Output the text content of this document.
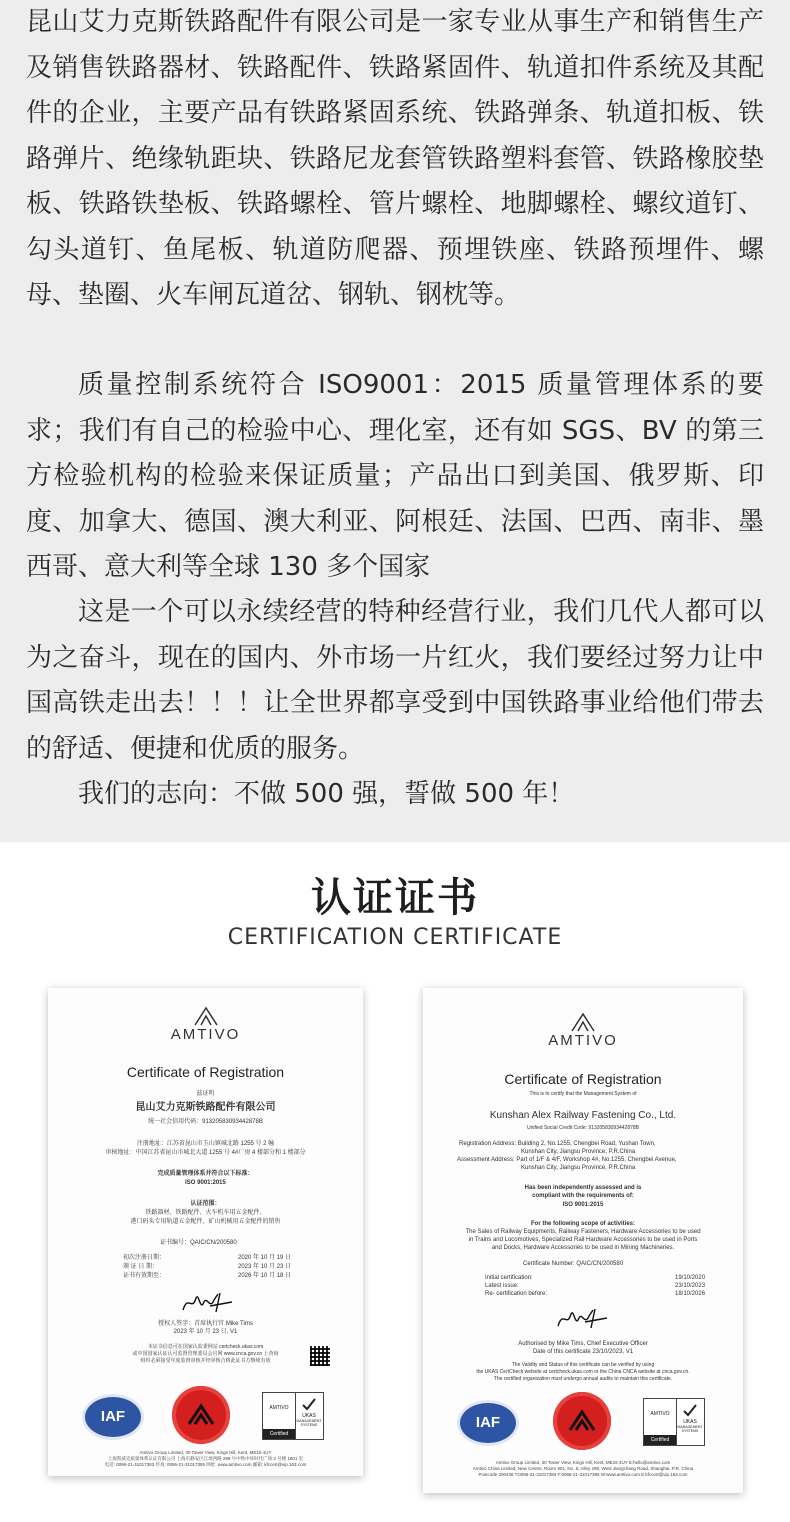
昆山艾力克斯铁路配件有限公司是一家专业从事生产和销售生产及销售铁路器材、铁路配件、铁路紧固件、轨道扣件系统及其配件的企业，主要产品有铁路紧固系统、铁路弹条、轨道扣板、铁路弹片、绝缘轨距块、铁路尼龙套管铁路塑料套管、铁路橡胶垫板、铁路铁垫板、铁路螺栓、管片螺栓、地脚螺栓、螺纹道钉、勾头道钉、鱼尾板、轨道防爬器、预埋铁座、铁路预埋件、螺母、垫圈、火车闸瓦道岔、钢轨、钢枕等。
质量控制系统符合 ISO9001：2015 质量管理体系的要求；我们有自己的检验中心、理化室，还有如 SGS、BV 的第三方检验机构的检验来保证质量；产品出口到美国、俄罗斯、印度、加拿大、德国、澳大利亚、阿根廷、法国、巴西、南非、墨西哥、意大利等全球 130 多个国家
这是一个可以永续经营的特种经营行业，我们几代人都可以为之奋斗，现在的国内、外市场一片红火，我们要经过努力让中国高铁走出去！！！让全世界都享受到中国铁路事业给他们带去的舒适、便捷和优质的服务。
我们的志向：不做 500 强，誓做 500 年！
认证证书
CERTIFICATION CERTIFICATE
AMTIVO
Certificate of Registration
兹证明
昆山艾力克斯铁路配件有限公司
统一社会信用代码：91320583093442878B
注册地址：江苏省昆山市玉山镇城北路 1255 号 2 幢
审核地址：中国江苏省昆山市城北大道 1255 号 4#厂房 4 楼部分和 1 楼部分
完成质量管理体系并符合以下标准：
ISO 9001:2015
认证范围：
铁路器材、铁路配件、火车机车用五金配件、
港口码头专用轨道五金配件、矿山机械用五金配件的销售
证书编号：QAIC/CN/200580
初次注册日期：	2020 年 10 月 19 日
颁 证 日 期：	2023 年 10 月 23 日
证书有效期至：	2026 年 10 月 18 日
授权人签字：首席执行官 Mike Tims
2023 年 10 月 23 日, V1
本证书信息可在国家认监委网站 certcheck.ukas.com
或中国国家认证认可监督管理委员会官网 www.cnca.gov.cn 上查询
组织必须接受年度监督审核并经审核合格此证书方继续有效
IAF	AMTIVO
Certified
UKAS
MANAGEMENT SYSTEMS
Amtivo Group Limited, 30 Tower View, Kings Hill, Kent, ME19 4UY
上海凯威克质量体系认证有限公司 上海市静安区江场西路 299 号中铁中环时代广场 2 号楼 1801 室
电话: 0086-21-31017383 传真: 0086-21-31017385 网址: www.amtivo.com 邮箱: kfccert@vip.163.com
AMTIVO
Certificate of Registration
This is to certify that the Management System of
Kunshan Alex Railway Fastening Co., Ltd.
Unified Social Credit Code: 91320583093442878B
Registration Address: Building 2, No.1255, Chengbei Road, Yushan Town,
Kunshan City, Jiangsu Province, P.R.China
Assessment Address: Part of 1/F & 4/F, Workshop 4#, No.1255, Chengbei Avenue,
Kunshan City, Jiangsu Province, P.R.China
Has been independently assessed and is
compliant with the requirements of:
ISO 9001:2015
For the following scope of activities:
The Sales of Railway Equipments, Railway Fasteners, Hardware Accessories to be used
in Trains and Locomotives, Specialized Rail Hardware Accessories to be used in Ports
and Docks, Hardware Accessories to be used in Mining Machineries.
Certificate Number: QAIC/CN/200580
Initial certification:	19/10/2020
Latest issue:	23/10/2023
Re- certification before:	18/10/2026
Authorised by Mike Tims, Chief Executive Officer
Date of this certificate 23/10/2023, V1
The Validity and Status of this certificate can be verified by using
the UKAS CertCheck website at certcheck.ukas.com or the China CNCA website at cnca.gov.cn.
The certified organization must undergo annual audits to maintain this certificate.
IAF	AMTIVO
Certified
UKAS
MANAGEMENT SYSTEMS
Amtivo Group Limited, 30 Tower View, Kings Hill, Kent, ME19 4UY E:hello@amtivo.com
Amtivo China Limited, New Centre, Room 901, No. 6, Alley 299, West Jiangchang Road, Shanghai, P.R. China
Postcode 200436 T:0086-21-31017383 F:0086-21-31017385 W:www.amtivo.com E:kfccert@vip.163.com
